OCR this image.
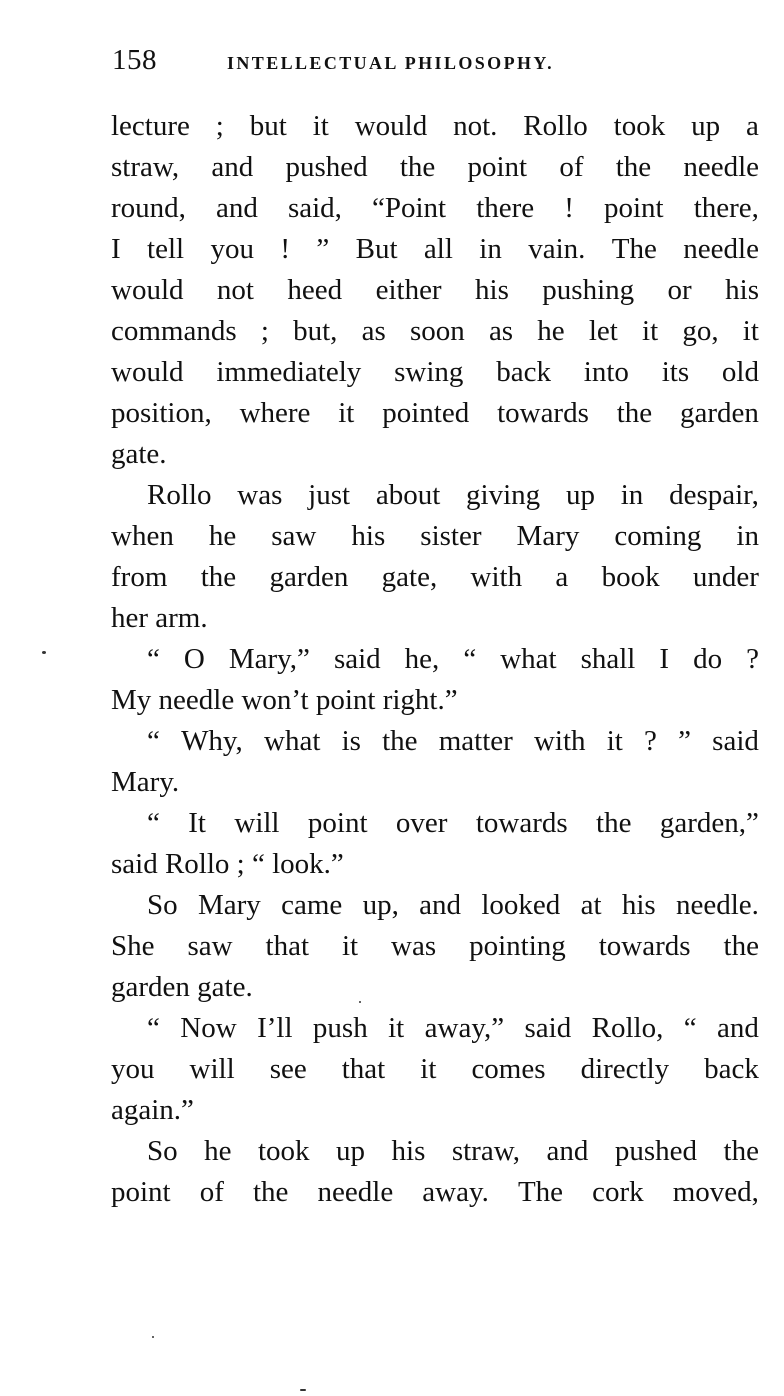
158	INTELLECTUAL PHILOSOPHY.
lecture ; but it would not. Rollo took up a
straw, and pushed the point of the needle
round, and said, “Point there ! point there,
I tell you ! ” But all in vain. The needle
would not heed either his pushing or his
commands ; but, as soon as he let it go, it
would immediately swing back into its old
position, where it pointed towards the garden
gate.
Rollo was just about giving up in despair,
when he saw his sister Mary coming in
from the garden gate, with a book under
her arm.
“ O Mary,” said he, “ what shall I do ?
My needle won’t point right.”
“ Why, what is the matter with it ? ” said
Mary.
“ It will point over towards the garden,”
said Rollo ; “ look.”
So Mary came up, and looked at his needle.
She saw that it was pointing towards the
garden gate.
“ Now I’ll push it away,” said Rollo, “ and
you will see that it comes directly back
again.”
So he took up his straw, and pushed the
point of the needle away. The cork moved,
